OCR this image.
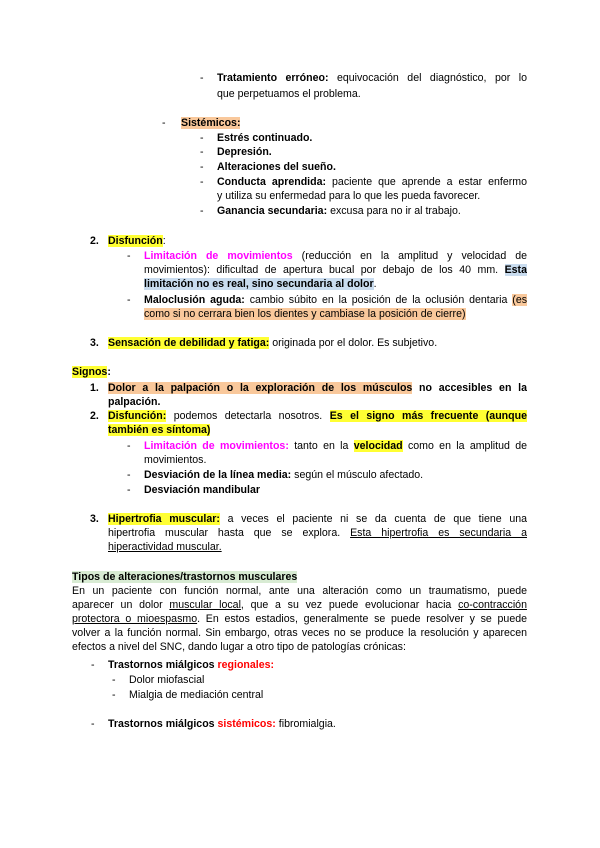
- Tratamiento erróneo: equivocación del diagnóstico, por lo
que perpetuamos el problema.
- Sistémicos:
- Estrés continuado.
- Depresión.
- Alteraciones del sueño.
- Conducta aprendida: paciente que aprende a estar enfermo
y utiliza su enfermedad para lo que les pueda favorecer.
- Ganancia secundaria: excusa para no ir al trabajo.
2. Disfunción:
- Limitación de movimientos (reducción en la amplitud y velocidad de
movimientos): dificultad de apertura bucal por debajo de los 40 mm. Esta
limitación no es real, sino secundaria al dolor.
- Maloclusión aguda: cambio súbito en la posición de la oclusión dentaria (es
como si no cerrara bien los dientes y cambiase la posición de cierre)
3. Sensación de debilidad y fatiga: originada por el dolor. Es subjetivo.
Signos:
1. Dolor a la palpación o la exploración de los músculos no accesibles en la
palpación.
2. Disfunción: podemos detectarla nosotros. Es el signo más frecuente (aunque
también es síntoma)
- Limitación de movimientos: tanto en la velocidad como en la amplitud de
movimientos.
- Desviación de la línea media: según el músculo afectado.
- Desviación mandibular
3. Hipertrofia muscular: a veces el paciente ni se da cuenta de que tiene una
hipertrofia muscular hasta que se explora. Esta hipertrofia es secundaria a
hiperactividad muscular.
Tipos de alteraciones/trastornos musculares
En un paciente con función normal, ante una alteración como un traumatismo, puede
aparecer un dolor muscular local, que a su vez puede evolucionar hacia co-contracción
protectora o mioespasmo. En estos estadios, generalmente se puede resolver y se puede
volver a la función normal. Sin embargo, otras veces no se produce la resolución y aparecen
efectos a nivel del SNC, dando lugar a otro tipo de patologías crónicas:
- Trastornos miálgicos regionales:
- Dolor miofascial
- Mialgia de mediación central
- Trastornos miálgicos sistémicos: fibromialgia.
